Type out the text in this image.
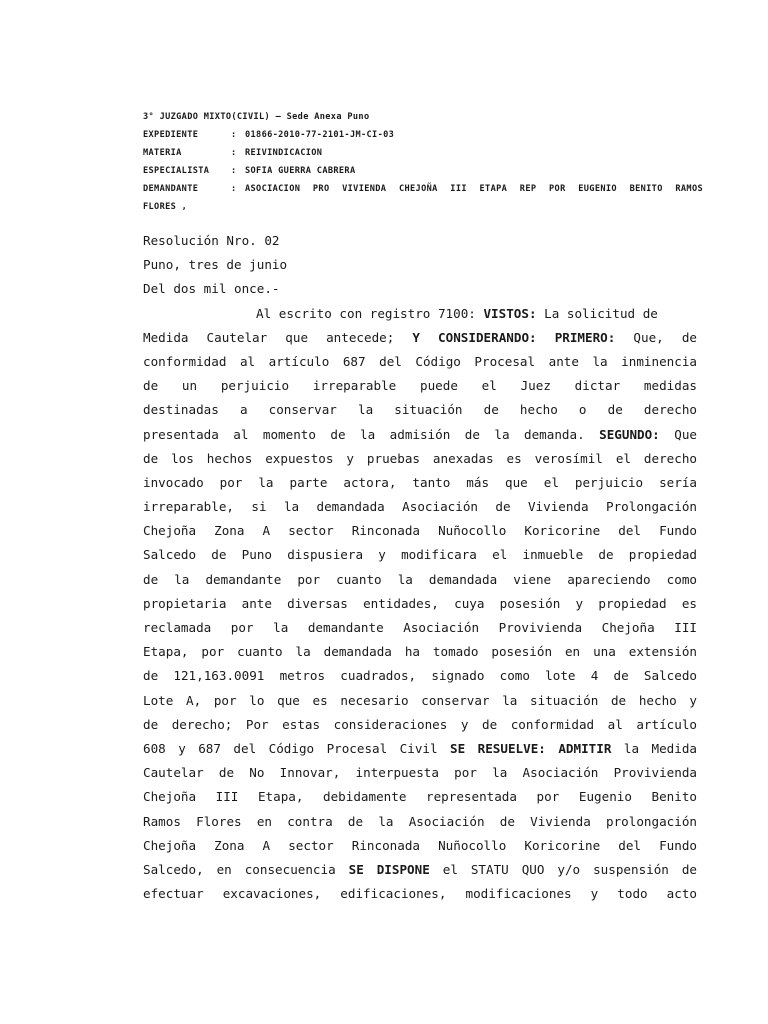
3° JUZGADO MIXTO(CIVIL) – Sede Anexa Puno
EXPEDIENTE	: 01866-2010-77-2101-JM-CI-03
MATERIA	: REIVINDICACION
ESPECIALISTA	: SOFIA GUERRA CABRERA
DEMANDANTE	: ASOCIACION PRO VIVIENDA CHEJOÑA III ETAPA REP POR EUGENIO BENITO RAMOS
FLORES ,
Resolución Nro. 02
Puno, tres de junio
Del dos mil once.-
Al escrito con registro 7100: VISTOS: La solicitud de
Medida Cautelar que antecede; Y CONSIDERANDO: PRIMERO: Que, de
conformidad al artículo 687 del Código Procesal ante la inminencia
de un perjuicio irreparable puede el Juez dictar medidas
destinadas a conservar la situación de hecho o de derecho
presentada al momento de la admisión de la demanda. SEGUNDO: Que
de los hechos expuestos y pruebas anexadas es verosímil el derecho
invocado por la parte actora, tanto más que el perjuicio sería
irreparable, si la demandada Asociación de Vivienda Prolongación
Chejoña Zona A sector Rinconada Nuñocollo Koricorine del Fundo
Salcedo de Puno dispusiera y modificara el inmueble de propiedad
de la demandante por cuanto la demandada viene apareciendo como
propietaria ante diversas entidades, cuya posesión y propiedad es
reclamada por la demandante Asociación Provivienda Chejoña III
Etapa, por cuanto la demandada ha tomado posesión en una extensión
de 121,163.0091 metros cuadrados, signado como lote 4 de Salcedo
Lote A, por lo que es necesario conservar la situación de hecho y
de derecho; Por estas consideraciones y de conformidad al artículo
608 y 687 del Código Procesal Civil SE RESUELVE: ADMITIR la Medida
Cautelar de No Innovar, interpuesta por la Asociación Provivienda
Chejoña III Etapa, debidamente representada por Eugenio Benito
Ramos Flores en contra de la Asociación de Vivienda prolongación
Chejoña Zona A sector Rinconada Nuñocollo Koricorine del Fundo
Salcedo, en consecuencia SE DISPONE el STATU QUO y/o suspensión de
efectuar excavaciones, edificaciones, modificaciones y todo acto
